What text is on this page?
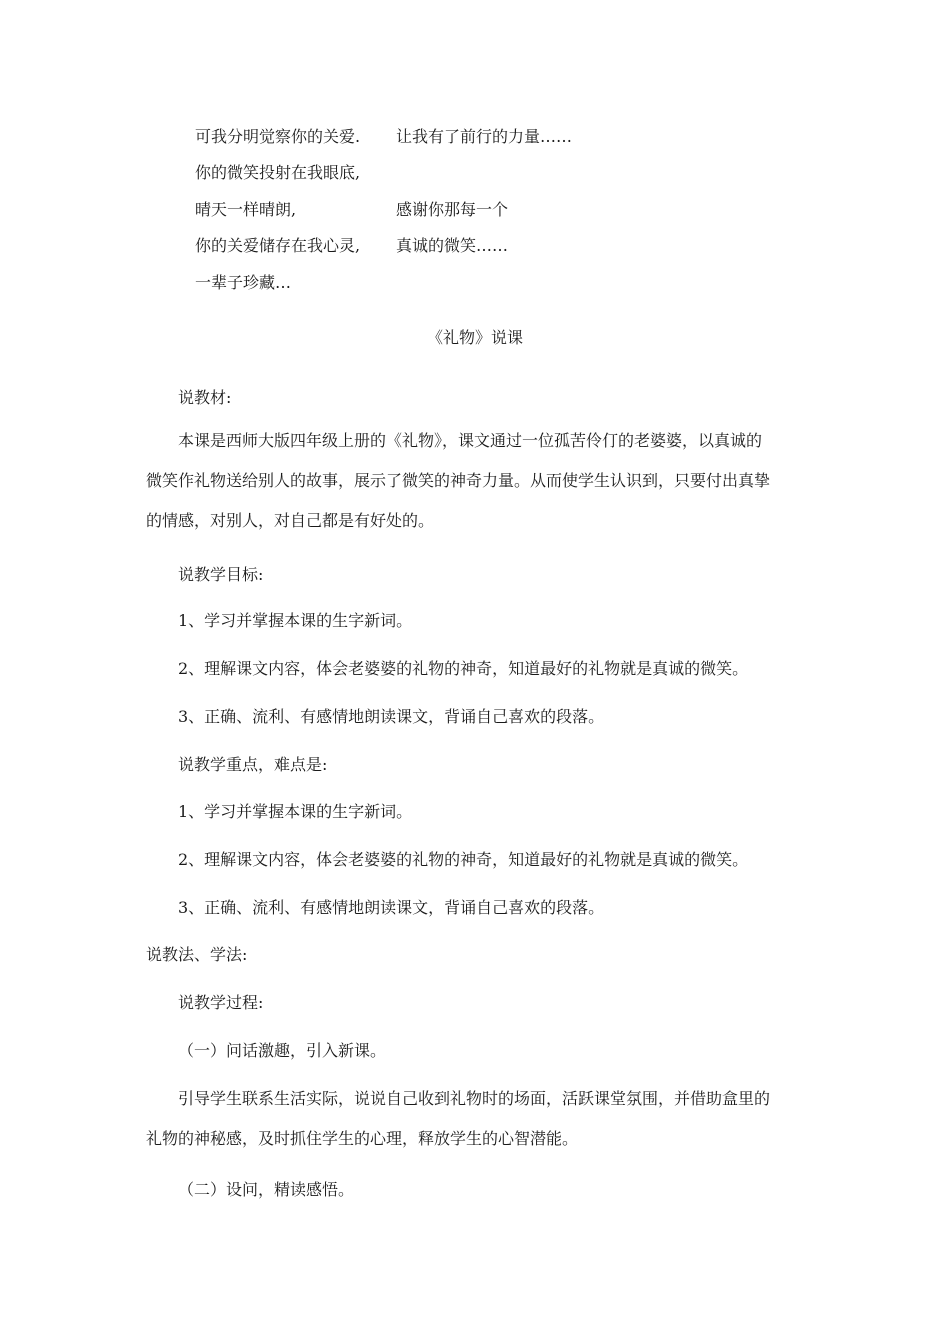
可我分明觉察你的关爱.
你的微笑投射在我眼底,
晴天一样晴朗,
你的关爱储存在我心灵,
一辈子珍藏…
让我有了前行的力量……
感谢你那每一个
真诚的微笑……
《礼物》说课
说教材:
本课是西师大版四年级上册的《礼物》，课文通过一位孤苦伶仃的老婆婆，以真诚的
微笑作礼物送给别人的故事，展示了微笑的神奇力量。从而使学生认识到，只要付出真挚
的情感，对别人，对自己都是有好处的。
说教学目标:
1、学习并掌握本课的生字新词。
2、理解课文内容，体会老婆婆的礼物的神奇，知道最好的礼物就是真诚的微笑。
3、正确、流利、有感情地朗读课文，背诵自己喜欢的段落。
说教学重点，难点是:
1、学习并掌握本课的生字新词。
2、理解课文内容，体会老婆婆的礼物的神奇，知道最好的礼物就是真诚的微笑。
3、正确、流利、有感情地朗读课文，背诵自己喜欢的段落。
说教法、学法:
说教学过程:
（一）问话激趣，引入新课。
引导学生联系生活实际，说说自己收到礼物时的场面，活跃课堂氛围，并借助盒里的
礼物的神秘感，及时抓住学生的心理，释放学生的心智潜能。
（二）设问，精读感悟。
